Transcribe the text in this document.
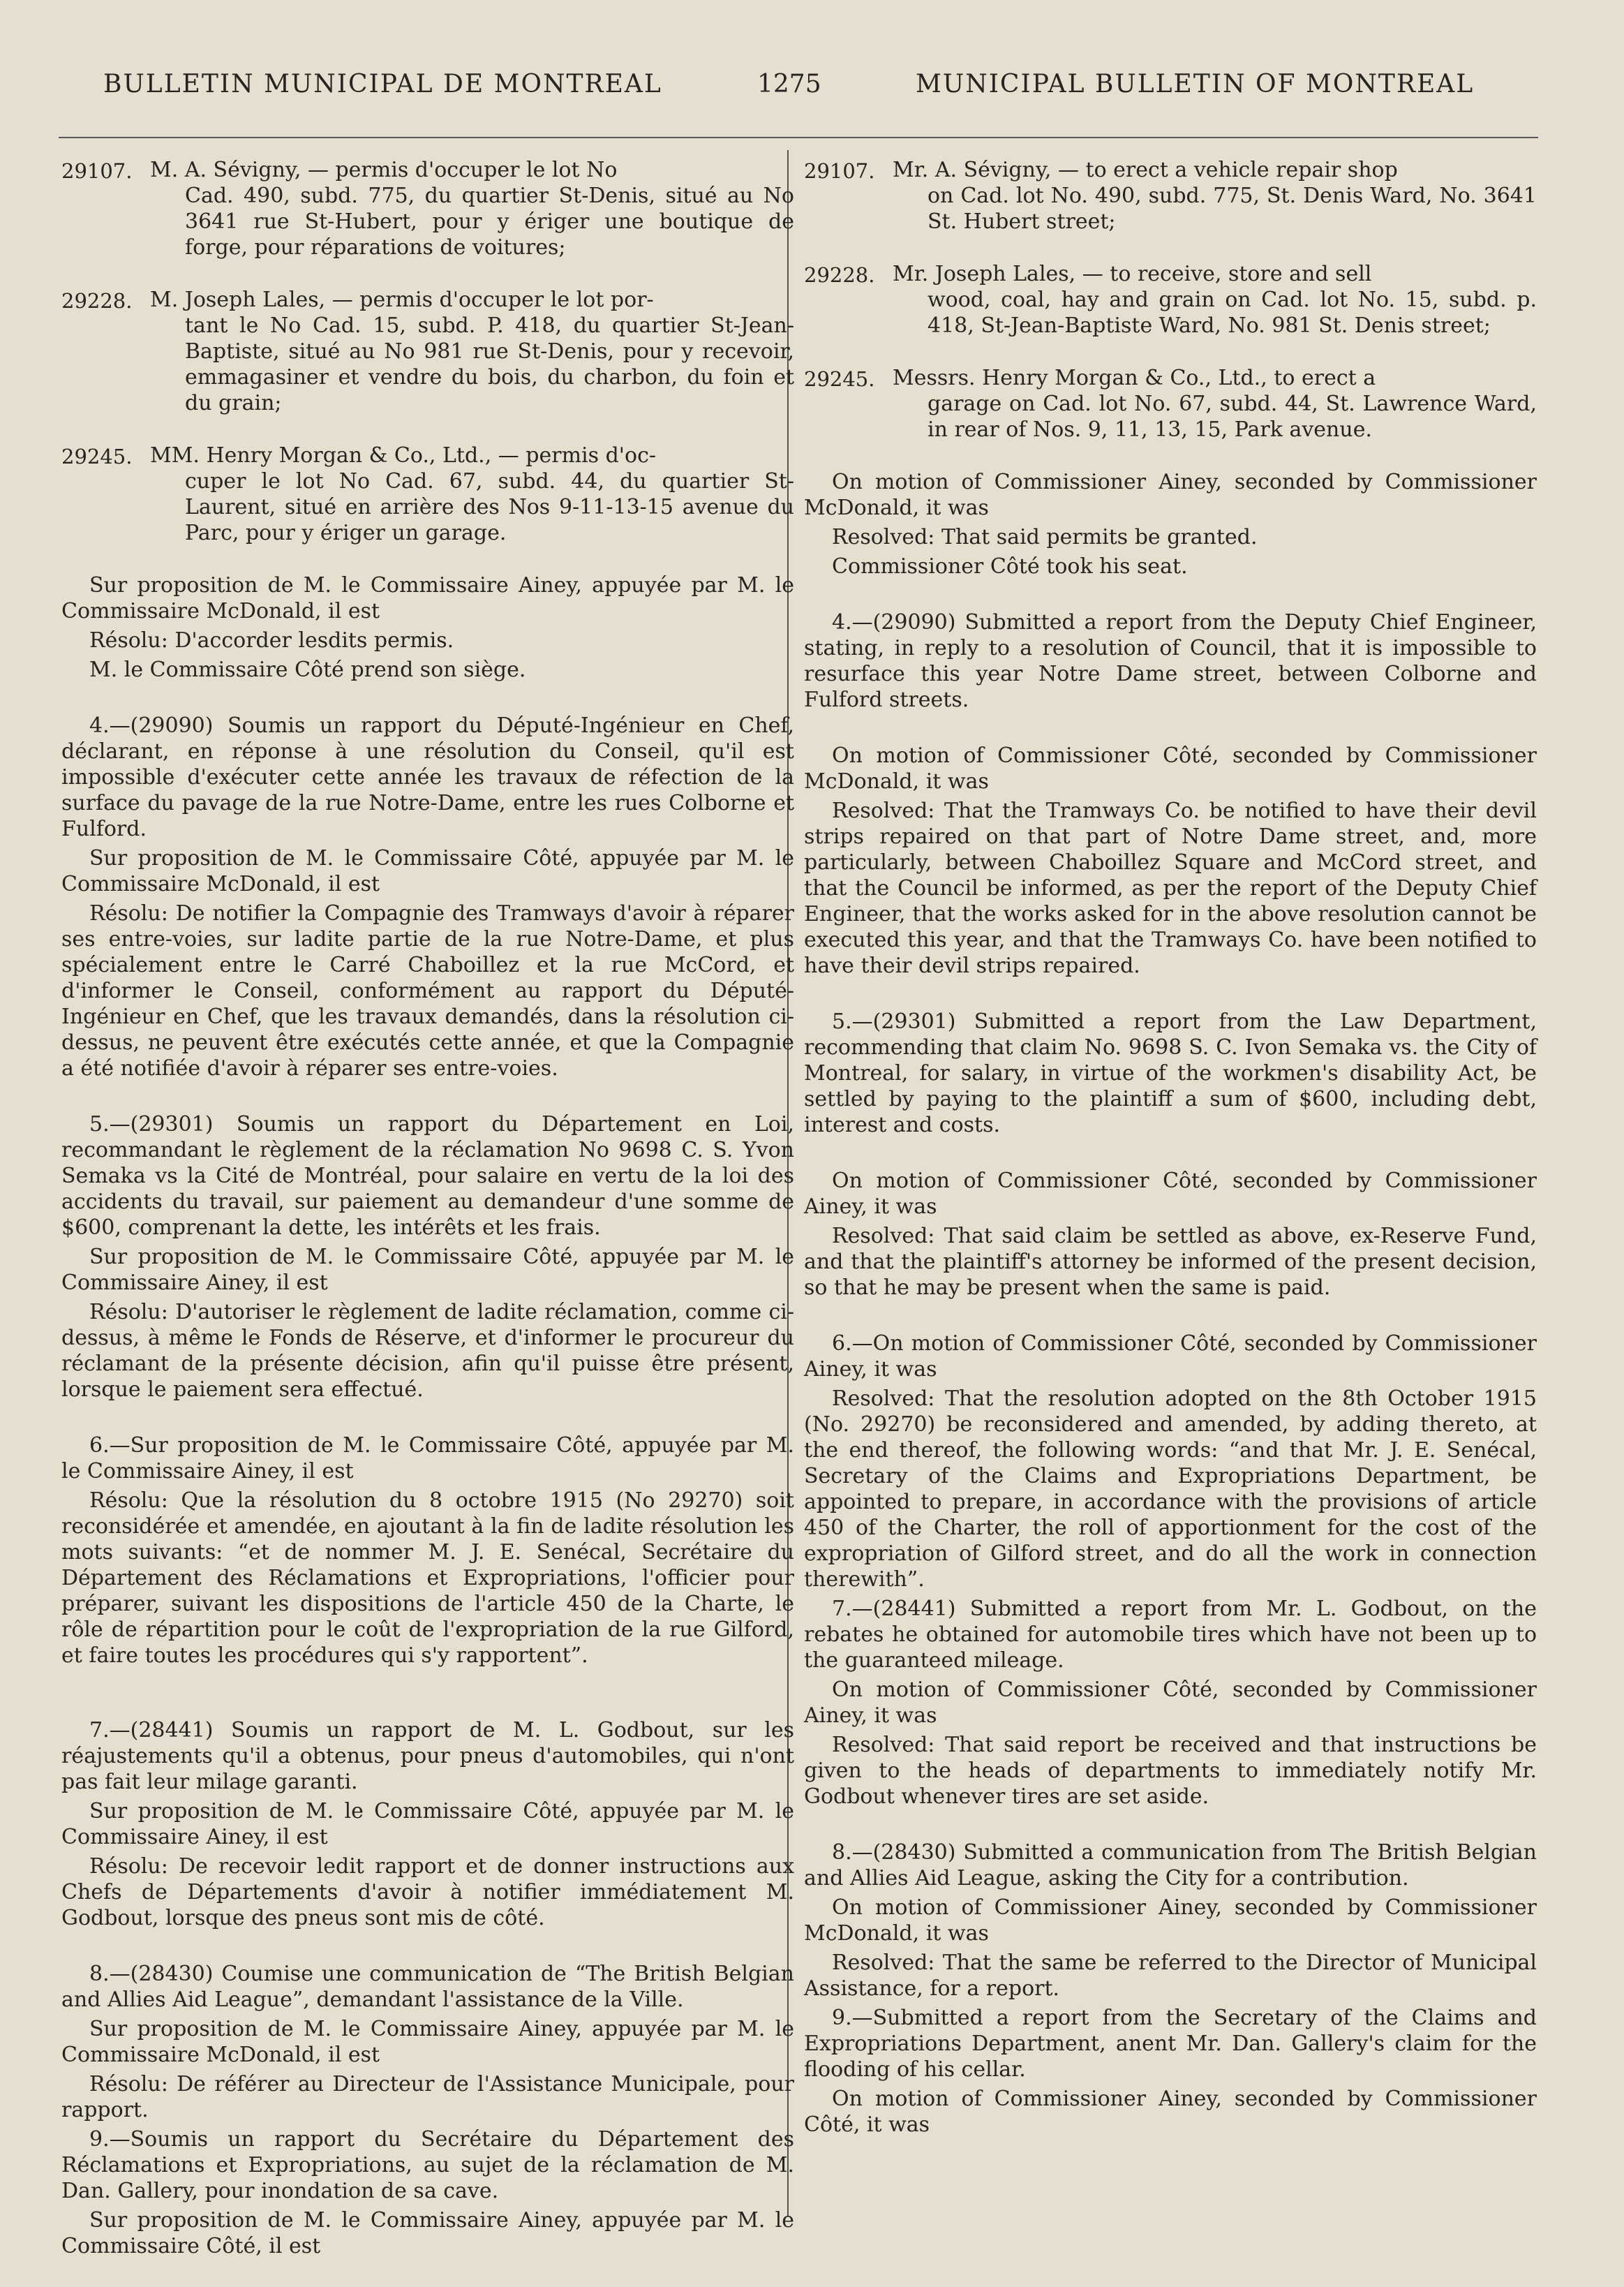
BULLETIN MUNICIPAL DE MONTREAL	1275	MUNICIPAL BULLETIN OF MONTREAL
29107. M. A. Sévigny, — permis d'occuper le lot No
Cad. 490, subd. 775, du quartier St-Denis, situé au No 3641 rue St-Hubert, pour y ériger une boutique de forge, pour réparations de voitures;
29228. M. Joseph Lales, — permis d'occuper le lot por-
tant le No Cad. 15, subd. P. 418, du quartier St-Jean-Baptiste, situé au No 981 rue St-Denis, pour y recevoir, emmagasiner et vendre du bois, du charbon, du foin et du grain;
29245. MM. Henry Morgan & Co., Ltd., — permis d'oc-
cuper le lot No Cad. 67, subd. 44, du quartier St-Laurent, situé en arrière des Nos 9-11-13-15 avenue du Parc, pour y ériger un garage.

Sur proposition de M. le Commissaire Ainey, appuyée par M. le Commissaire McDonald, il est

Résolu: D'accorder lesdits permis.

M. le Commissaire Côté prend son siège.

4.—(29090) Soumis un rapport du Député-Ingénieur en Chef, déclarant, en réponse à une résolution du Conseil, qu'il est impossible d'exécuter cette année les travaux de réfection de la surface du pavage de la rue Notre-Dame, entre les rues Colborne et Fulford.

Sur proposition de M. le Commissaire Côté, appuyée par M. le Commissaire McDonald, il est

Résolu: De notifier la Compagnie des Tramways d'avoir à réparer ses entre-voies, sur ladite partie de la rue Notre-Dame, et plus spécialement entre le Carré Chaboillez et la rue McCord, et d'informer le Conseil, conformément au rapport du Député-Ingénieur en Chef, que les travaux demandés, dans la résolution ci-dessus, ne peuvent être exécutés cette année, et que la Compagnie a été notifiée d'avoir à réparer ses entre-voies.

5.—(29301) Soumis un rapport du Département en Loi, recommandant le règlement de la réclamation No 9698 C. S. Yvon Semaka vs la Cité de Montréal, pour salaire en vertu de la loi des accidents du travail, sur paiement au demandeur d'une somme de $600, comprenant la dette, les intérêts et les frais.

Sur proposition de M. le Commissaire Côté, appuyée par M. le Commissaire Ainey, il est

Résolu: D'autoriser le règlement de ladite réclamation, comme ci-dessus, à même le Fonds de Réserve, et d'informer le procureur du réclamant de la présente décision, afin qu'il puisse être présent, lorsque le paiement sera effectué.

6.—Sur proposition de M. le Commissaire Côté, appuyée par M. le Commissaire Ainey, il est

Résolu: Que la résolution du 8 octobre 1915 (No 29270) soit reconsidérée et amendée, en ajoutant à la fin de ladite résolution les mots suivants: “et de nommer M. J. E. Senécal, Secrétaire du Département des Réclamations et Expropriations, l'officier pour préparer, suivant les dispositions de l'article 450 de la Charte, le rôle de répartition pour le coût de l'expropriation de la rue Gilford, et faire toutes les procédures qui s'y rapportent”.

7.—(28441) Soumis un rapport de M. L. Godbout, sur les réajustements qu'il a obtenus, pour pneus d'automobiles, qui n'ont pas fait leur milage garanti.

Sur proposition de M. le Commissaire Côté, appuyée par M. le Commissaire Ainey, il est

Résolu: De recevoir ledit rapport et de donner instructions aux Chefs de Départements d'avoir à notifier immédiatement M. Godbout, lorsque des pneus sont mis de côté.

8.—(28430) Coumise une communication de “The British Belgian and Allies Aid League”, demandant l'assistance de la Ville.

Sur proposition de M. le Commissaire Ainey, appuyée par M. le Commissaire McDonald, il est

Résolu: De référer au Directeur de l'Assistance Municipale, pour rapport.

9.—Soumis un rapport du Secrétaire du Département des Réclamations et Expropriations, au sujet de la réclamation de M. Dan. Gallery, pour inondation de sa cave.

Sur proposition de M. le Commissaire Ainey, appuyée par M. le Commissaire Côté, il est

29107. Mr. A. Sévigny, — to erect a vehicle repair shop
on Cad. lot No. 490, subd. 775, St. Denis Ward, No. 3641 St. Hubert street;
29228. Mr. Joseph Lales, — to receive, store and sell
wood, coal, hay and grain on Cad. lot No. 15, subd. p. 418, St-Jean-Baptiste Ward, No. 981 St. Denis street;
29245. Messrs. Henry Morgan & Co., Ltd., to erect a
garage on Cad. lot No. 67, subd. 44, St. Lawrence Ward, in rear of Nos. 9, 11, 13, 15, Park avenue.

On motion of Commissioner Ainey, seconded by Commissioner McDonald, it was

Resolved: That said permits be granted.

Commissioner Côté took his seat.

4.—(29090) Submitted a report from the Deputy Chief Engineer, stating, in reply to a resolution of Council, that it is impossible to resurface this year Notre Dame street, between Colborne and Fulford streets.

On motion of Commissioner Côté, seconded by Commissioner McDonald, it was

Resolved: That the Tramways Co. be notified to have their devil strips repaired on that part of Notre Dame street, and, more particularly, between Chaboillez Square and McCord street, and that the Council be informed, as per the report of the Deputy Chief Engineer, that the works asked for in the above resolution cannot be executed this year, and that the Tramways Co. have been notified to have their devil strips repaired.

5.—(29301) Submitted a report from the Law Department, recommending that claim No. 9698 S. C. Ivon Semaka vs. the City of Montreal, for salary, in virtue of the workmen's disability Act, be settled by paying to the plaintiff a sum of $600, including debt, interest and costs.

On motion of Commissioner Côté, seconded by Commissioner Ainey, it was

Resolved: That said claim be settled as above, ex-Reserve Fund, and that the plaintiff's attorney be informed of the present decision, so that he may be present when the same is paid.

6.—On motion of Commissioner Côté, seconded by Commissioner Ainey, it was

Resolved: That the resolution adopted on the 8th October 1915 (No. 29270) be reconsidered and amended, by adding thereto, at the end thereof, the following words: “and that Mr. J. E. Senécal, Secretary of the Claims and Expropriations Department, be appointed to prepare, in accordance with the provisions of article 450 of the Charter, the roll of apportionment for the cost of the expropriation of Gilford street, and do all the work in connection therewith”.

7.—(28441) Submitted a report from Mr. L. Godbout, on the rebates he obtained for automobile tires which have not been up to the guaranteed mileage.

On motion of Commissioner Côté, seconded by Commissioner Ainey, it was

Resolved: That said report be received and that instructions be given to the heads of departments to immediately notify Mr. Godbout whenever tires are set aside.

8.—(28430) Submitted a communication from The British Belgian and Allies Aid League, asking the City for a contribution.

On motion of Commissioner Ainey, seconded by Commissioner McDonald, it was

Resolved: That the same be referred to the Director of Municipal Assistance, for a report.

9.—Submitted a report from the Secretary of the Claims and Expropriations Department, anent Mr. Dan. Gallery's claim for the flooding of his cellar.

On motion of Commissioner Ainey, seconded by Commissioner Côté, it was
